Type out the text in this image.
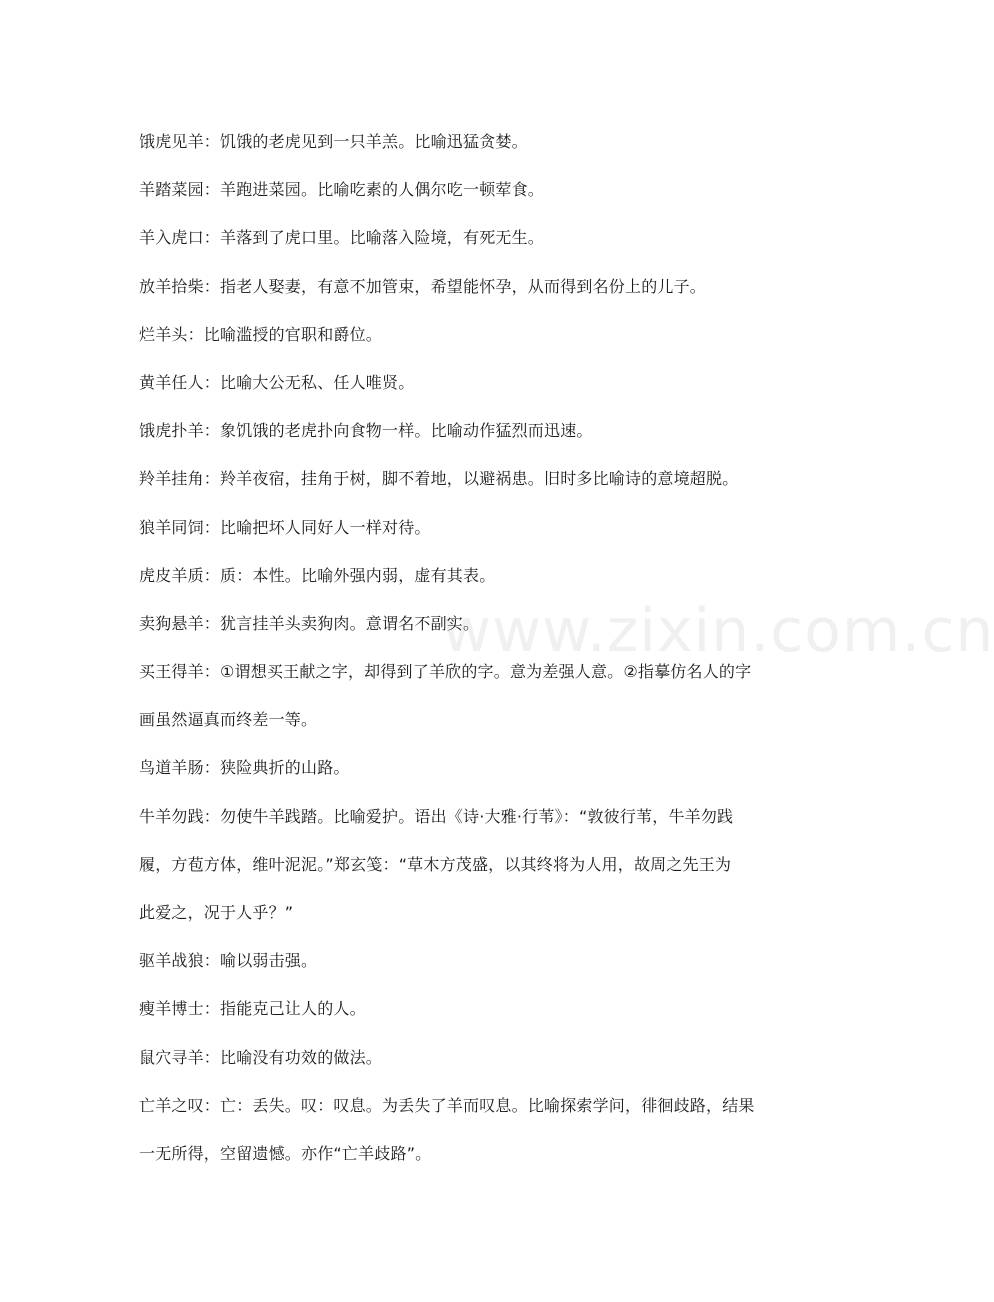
www.zixin.com.cn
饿虎见羊：饥饿的老虎见到一只羊羔。比喻迅猛贪婪。
羊踏菜园：羊跑进菜园。比喻吃素的人偶尔吃一顿荤食。
羊入虎口：羊落到了虎口里。比喻落入险境，有死无生。
放羊拾柴：指老人娶妻，有意不加管束，希望能怀孕，从而得到名份上的儿子。
烂羊头：比喻滥授的官职和爵位。
黄羊任人：比喻大公无私、任人唯贤。
饿虎扑羊：象饥饿的老虎扑向食物一样。比喻动作猛烈而迅速。
羚羊挂角：羚羊夜宿，挂角于树，脚不着地，以避祸患。旧时多比喻诗的意境超脱。
狼羊同饲：比喻把坏人同好人一样对待。
虎皮羊质：质：本性。比喻外强内弱，虚有其表。
卖狗悬羊：犹言挂羊头卖狗肉。意谓名不副实。
买王得羊：①谓想买王献之字，却得到了羊欣的字。意为差强人意。②指摹仿名人的字
画虽然逼真而终差一等。
鸟道羊肠：狭险典折的山路。
牛羊勿践：勿使牛羊践踏。比喻爱护。语出《诗·大雅·行苇》：“敦彼行苇，牛羊勿践
履，方苞方体，维叶泥泥。”郑玄笺：“草木方茂盛，以其终将为人用，故周之先王为
此爱之，况于人乎？”
驱羊战狼：喻以弱击强。
瘦羊博士：指能克己让人的人。
鼠穴寻羊：比喻没有功效的做法。
亡羊之叹：亡：丢失。叹：叹息。为丢失了羊而叹息。比喻探索学问，徘徊歧路，结果
一无所得，空留遗憾。亦作“亡羊歧路”。
